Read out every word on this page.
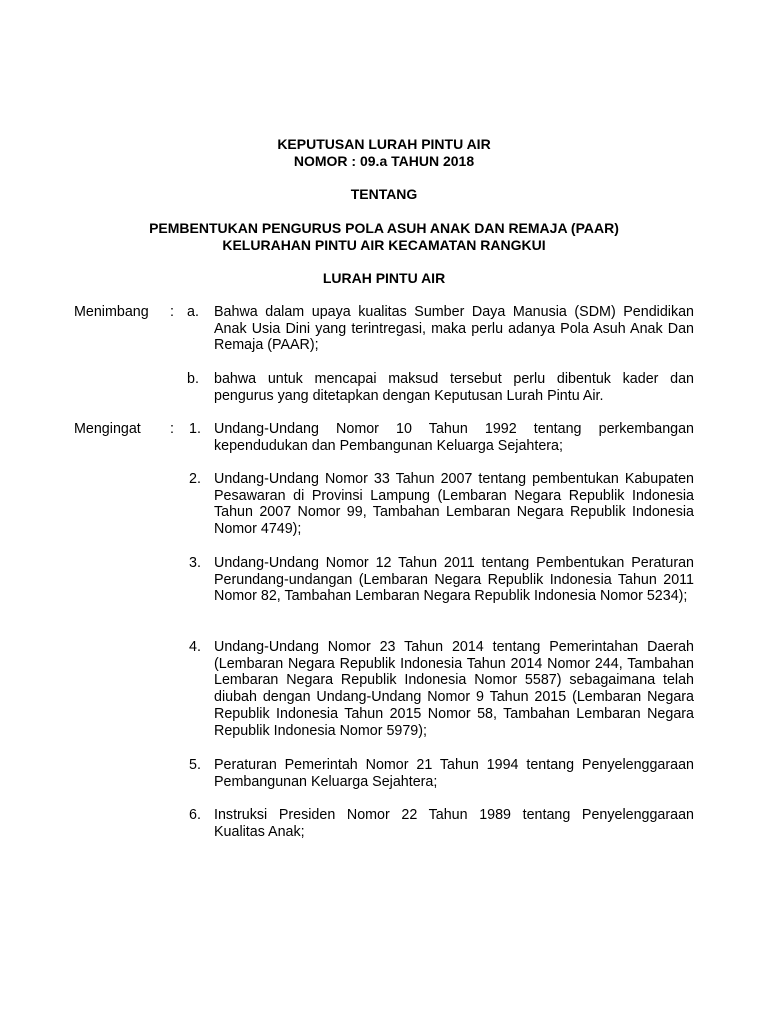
KEPUTUSAN LURAH PINTU AIR
NOMOR : 09.a TAHUN 2018
TENTANG
PEMBENTUKAN PENGURUS POLA ASUH ANAK DAN REMAJA (PAAR)
KELURAHAN PINTU AIR KECAMATAN RANGKUI
LURAH PINTU AIR
Menimbang : a.	Bahwa dalam upaya kualitas Sumber Daya Manusia (SDM) Pendidikan Anak Usia Dini yang terintregasi, maka perlu adanya Pola Asuh Anak Dan Remaja (PAAR);

b.	bahwa untuk mencapai maksud tersebut perlu dibentuk kader dan pengurus yang ditetapkan dengan Keputusan Lurah Pintu Air.

Mengingat : 1. Undang-Undang Nomor 10 Tahun 1992 tentang perkembangan kependudukan dan Pembangunan Keluarga Sejahtera;

2. Undang-Undang Nomor 33 Tahun 2007 tentang pembentukan Kabupaten Pesawaran di Provinsi Lampung (Lembaran Negara Republik Indonesia Tahun 2007 Nomor 99, Tambahan Lembaran Negara Republik Indonesia Nomor 4749);

3. Undang-Undang Nomor 12 Tahun 2011 tentang Pembentukan Peraturan Perundang-undangan (Lembaran Negara Republik Indonesia Tahun 2011 Nomor 82, Tambahan Lembaran Negara Republik Indonesia Nomor 5234);

4. Undang-Undang Nomor 23 Tahun 2014 tentang Pemerintahan Daerah (Lembaran Negara Republik Indonesia Tahun 2014 Nomor 244, Tambahan Lembaran Negara Republik Indonesia Nomor 5587) sebagaimana telah diubah dengan Undang-Undang Nomor 9 Tahun 2015 (Lembaran Negara Republik Indonesia Tahun 2015 Nomor 58, Tambahan Lembaran Negara Republik Indonesia Nomor 5979);

5. Peraturan Pemerintah Nomor 21 Tahun 1994 tentang Penyelenggaraan Pembangunan Keluarga Sejahtera;

6. Instruksi Presiden Nomor 22 Tahun 1989 tentang Penyelenggaraan Kualitas Anak;
